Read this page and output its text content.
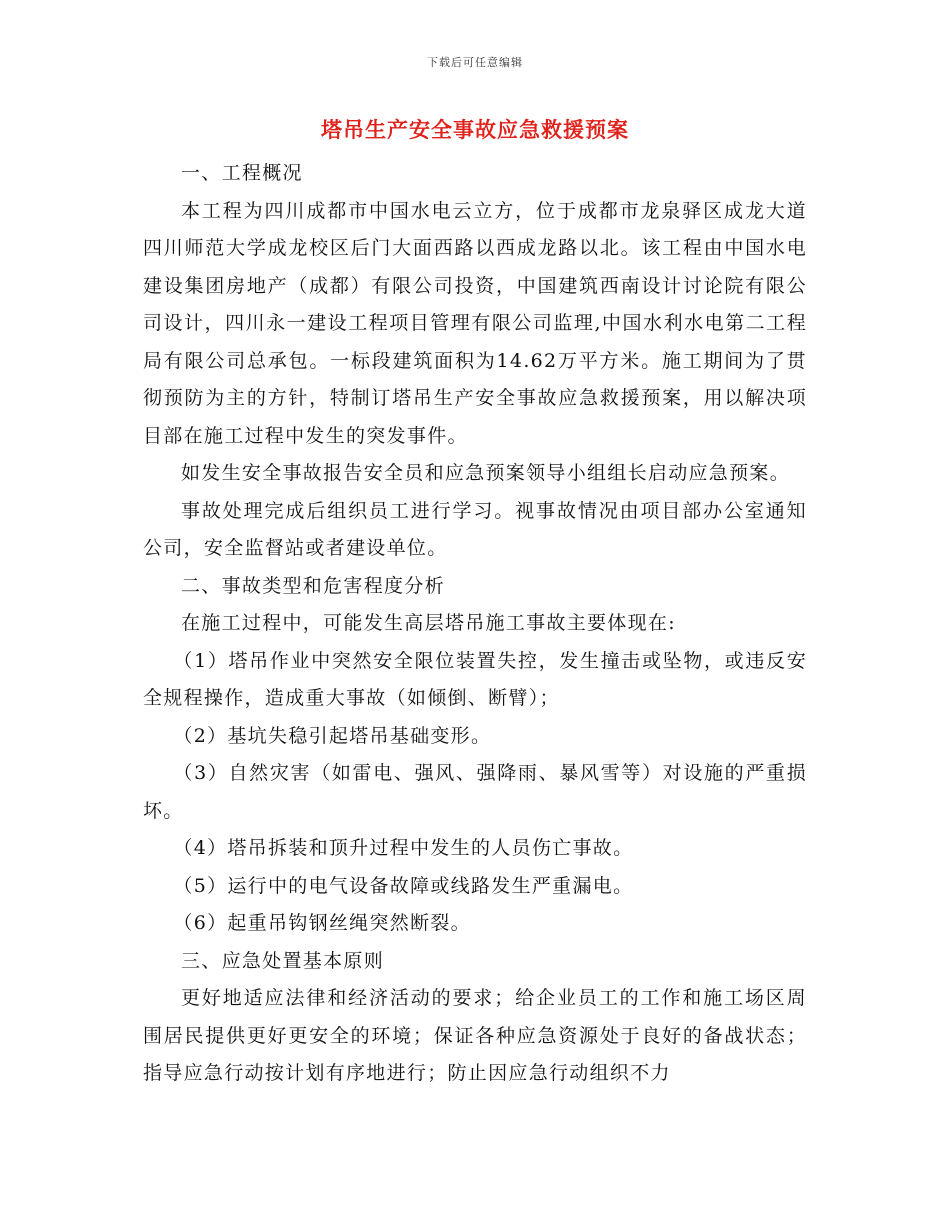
下载后可任意编辑
塔吊生产安全事故应急救援预案

一、工程概况

本工程为四川成都市中国水电云立方，位于成都市龙泉驿区成龙大道四川师范大学成龙校区后门大面西路以西成龙路以北。该工程由中国水电建设集团房地产（成都）有限公司投资，中国建筑西南设计讨论院有限公司设计，四川永一建设工程项目管理有限公司监理,中国水利水电第二工程局有限公司总承包。一标段建筑面积为14.62万平方米。施工期间为了贯彻预防为主的方针，特制订塔吊生产安全事故应急救援预案，用以解决项目部在施工过程中发生的突发事件。

如发生安全事故报告安全员和应急预案领导小组组长启动应急预案。

事故处理完成后组织员工进行学习。视事故情况由项目部办公室通知公司，安全监督站或者建设单位。

二、事故类型和危害程度分析

在施工过程中，可能发生高层塔吊施工事故主要体现在:

（1）塔吊作业中突然安全限位装置失控，发生撞击或坠物，或违反安全规程操作，造成重大事故（如倾倒、断臂）；

（2）基坑失稳引起塔吊基础变形。

（3）自然灾害（如雷电、强风、强降雨、暴风雪等）对设施的严重损坏。

（4）塔吊拆装和顶升过程中发生的人员伤亡事故。

（5）运行中的电气设备故障或线路发生严重漏电。

（6）起重吊钩钢丝绳突然断裂。

三、应急处置基本原则

更好地适应法律和经济活动的要求；给企业员工的工作和施工场区周围居民提供更好更安全的环境；保证各种应急资源处于良好的备战状态；指导应急行动按计划有序地进行；防止因应急行动组织不力
